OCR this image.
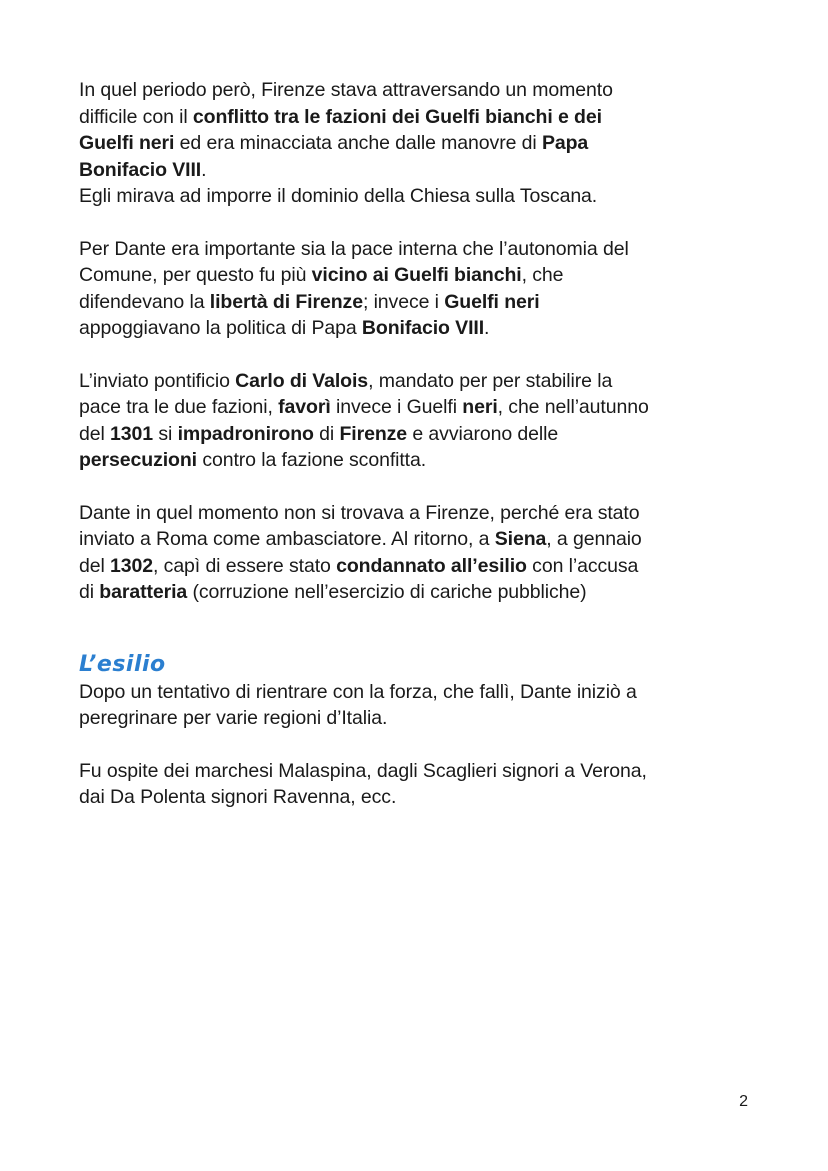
In quel periodo però, Firenze stava attraversando un momento
difficile con il conflitto tra le fazioni dei Guelfi bianchi e dei
Guelfi neri ed era minacciata anche dalle manovre di Papa
Bonifacio VIII.
Egli mirava ad imporre il dominio della Chiesa sulla Toscana.

Per Dante era importante sia la pace interna che l’autonomia del
Comune, per questo fu più vicino ai Guelfi bianchi, che
difendevano la libertà di Firenze; invece i Guelfi neri
appoggiavano la politica di Papa Bonifacio VIII.

L’inviato pontificio Carlo di Valois, mandato per per stabilire la
pace tra le due fazioni, favorì invece i Guelfi neri, che nell’autunno
del 1301 si impadronirono di Firenze e avviarono delle
persecuzioni contro la fazione sconfitta.

Dante in quel momento non si trovava a Firenze, perché era stato
inviato a Roma come ambasciatore. Al ritorno, a Siena, a gennaio
del 1302, capì di essere stato condannato all’esilio con l’accusa
di baratteria (corruzione nell’esercizio di cariche pubbliche)

L’esilio

Dopo un tentativo di rientrare con la forza, che fallì, Dante iniziò a
peregrinare per varie regioni d’Italia.

Fu ospite dei marchesi Malaspina, dagli Scaglieri signori a Verona,
dai Da Polenta signori Ravenna, ecc.

2
